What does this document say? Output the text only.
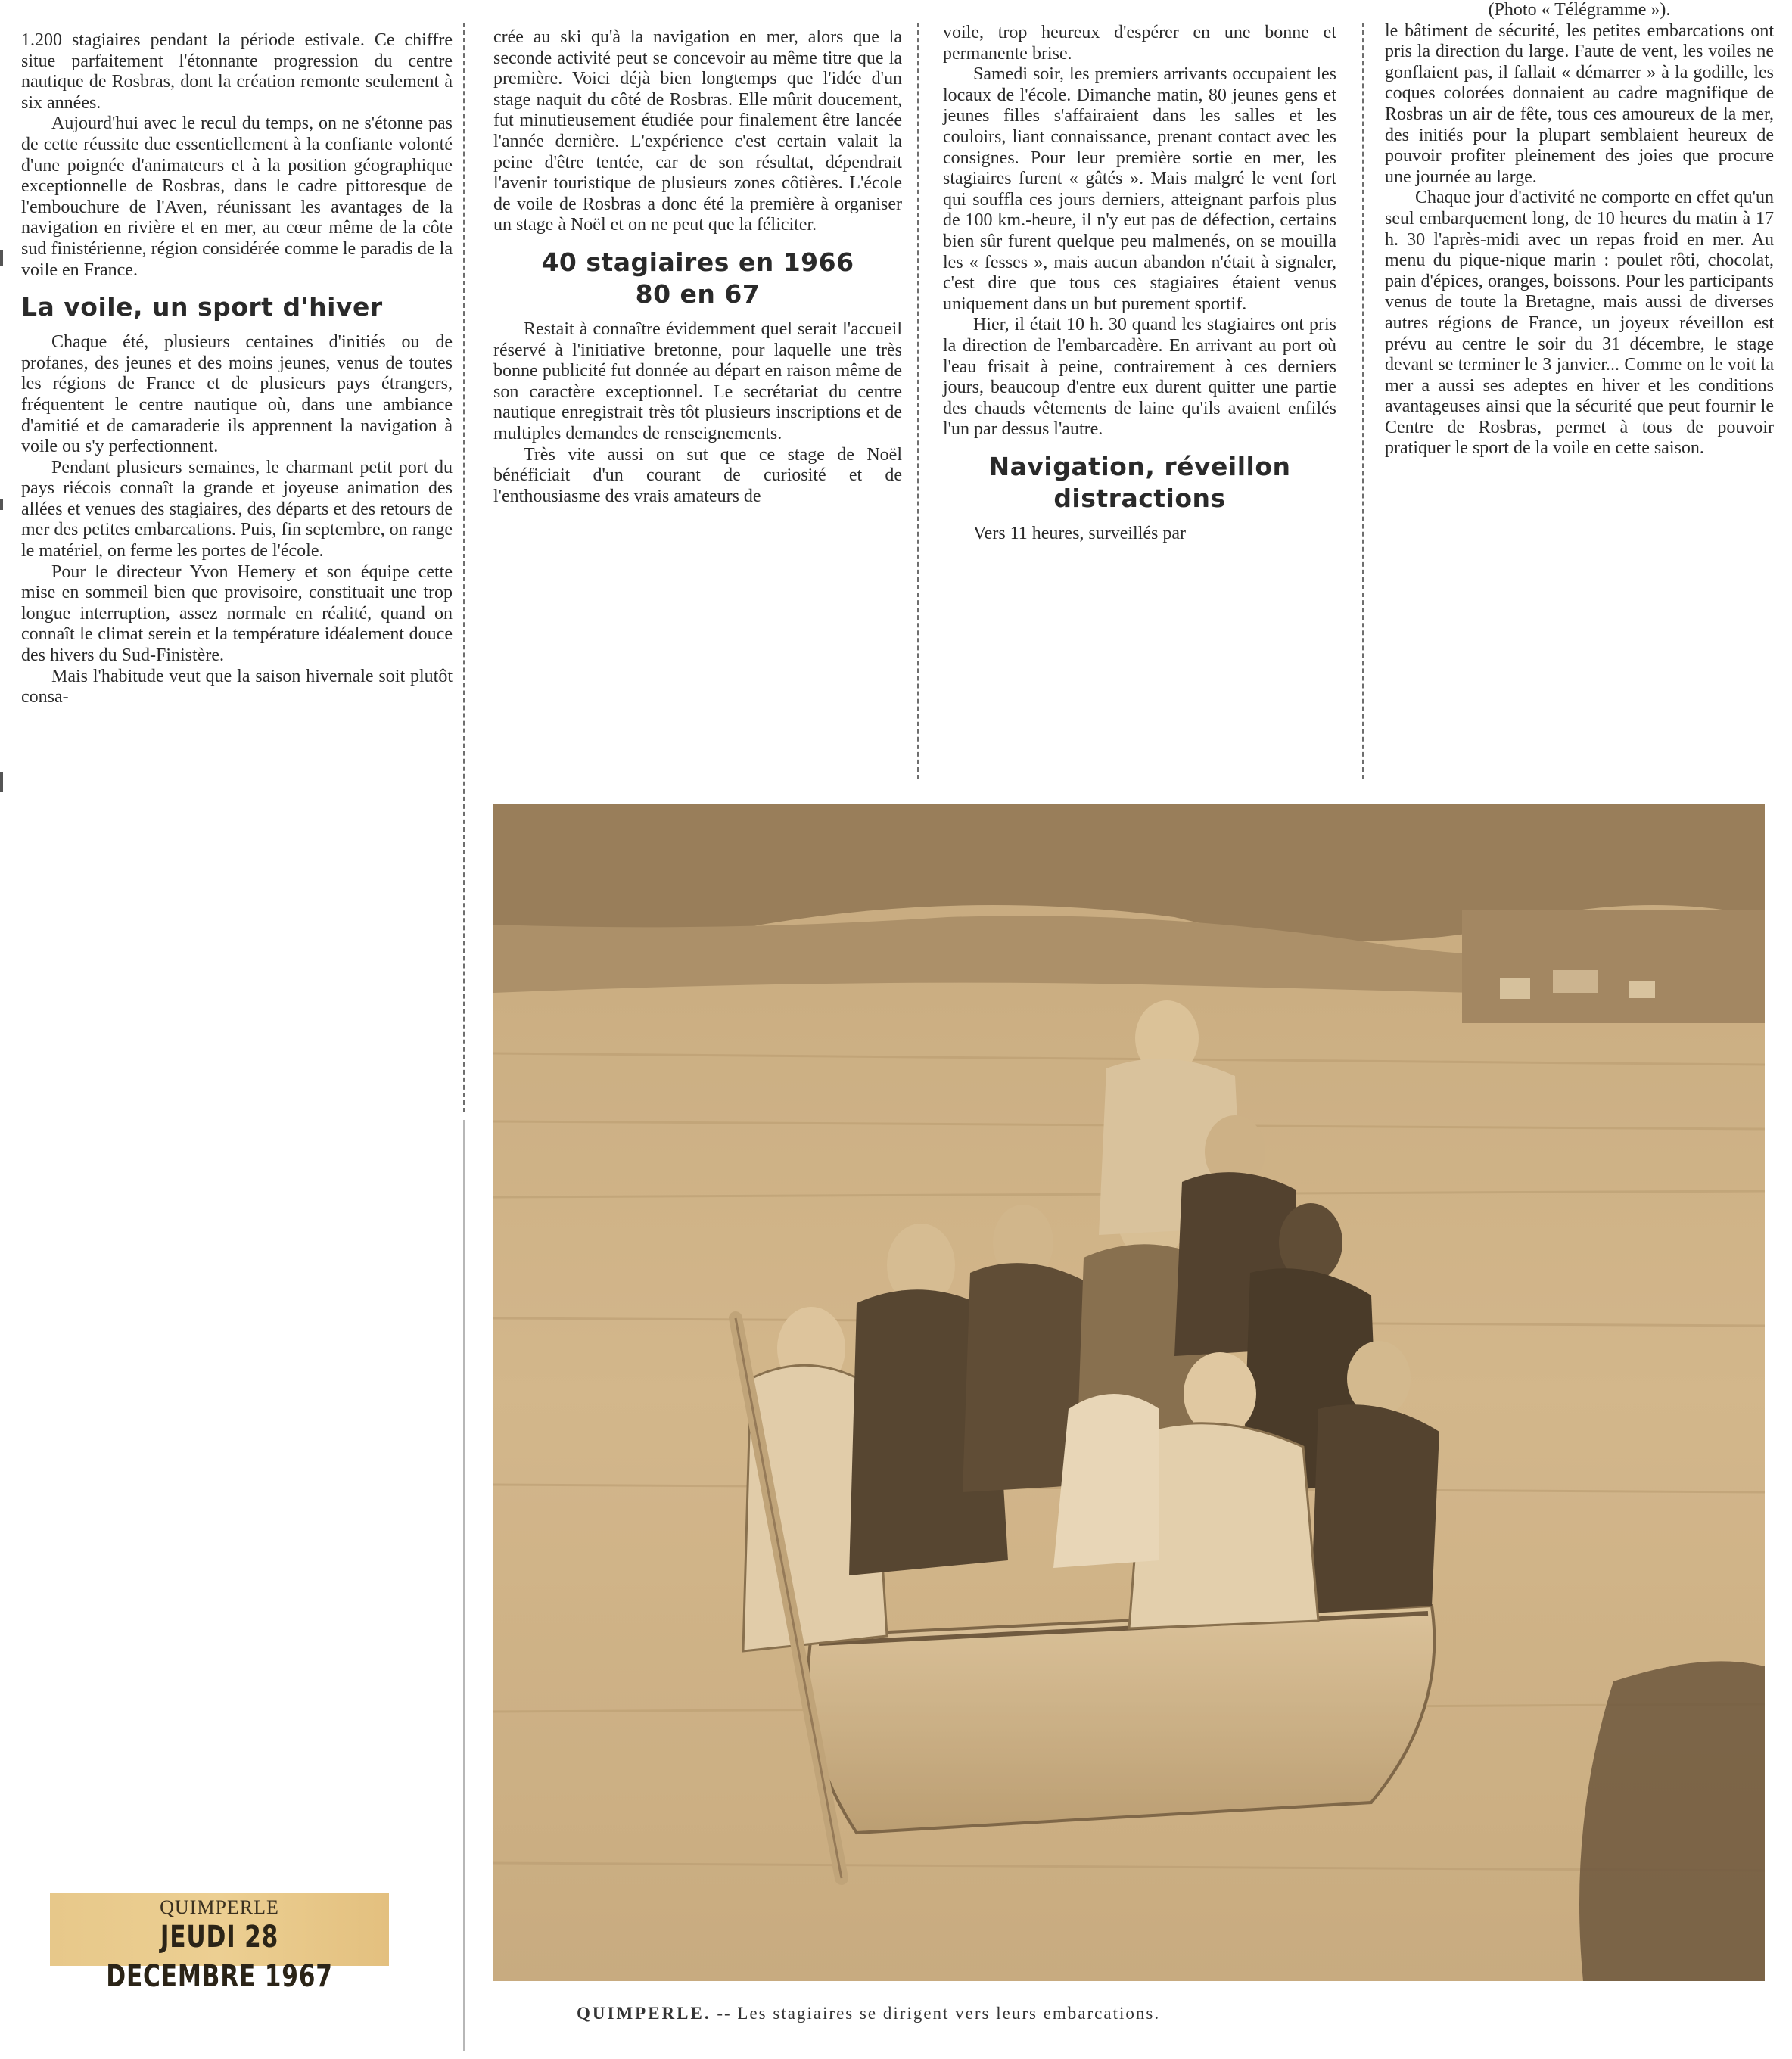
1.200 stagiaires pendant la période estivale. Ce chiffre situe parfaitement l'étonnante progression du centre nautique de Rosbras, dont la création remonte seulement à six années.

Aujourd'hui avec le recul du temps, on ne s'étonne pas de cette réussite due essentiellement à la confiante volonté d'une poignée d'animateurs et à la position géographique exceptionnelle de Rosbras, dans le cadre pittoresque de l'embouchure de l'Aven, réunissant les avantages de la navigation en rivière et en mer, au cœur même de la côte sud finistérienne, région considérée comme le paradis de la voile en France.

La voile, un sport d'hiver

Chaque été, plusieurs centaines d'initiés ou de profanes, des jeunes et des moins jeunes, venus de toutes les régions de France et de plusieurs pays étrangers, fréquentent le centre nautique où, dans une ambiance d'amitié et de camaraderie ils apprennent la navigation à voile ou s'y perfectionnent.

Pendant plusieurs semaines, le charmant petit port du pays riécois connaît la grande et joyeuse animation des allées et venues des stagiaires, des départs et des retours de mer des petites embarcations. Puis, fin septembre, on range le matériel, on ferme les portes de l'école.

Pour le directeur Yvon Hemery et son équipe cette mise en sommeil bien que provisoire, constituait une trop longue interruption, assez normale en réalité, quand on connaît le climat serein et la température idéalement douce des hivers du Sud-Finistère.

Mais l'habitude veut que la saison hivernale soit plutôt consa-

crée au ski qu'à la navigation en mer, alors que la seconde activité peut se concevoir au même titre que la première. Voici déjà bien longtemps que l'idée d'un stage naquit du côté de Rosbras. Elle mûrit doucement, fut minutieusement étudiée pour finalement être lancée l'année dernière. L'expérience c'est certain valait la peine d'être tentée, car de son résultat, dépendrait l'avenir touristique de plusieurs zones côtières. L'école de voile de Rosbras a donc été la première à organiser un stage à Noël et on ne peut que la féliciter.

40 stagiaires en 1966
80 en 67

Restait à connaître évidemment quel serait l'accueil réservé à l'initiative bretonne, pour laquelle une très bonne publicité fut donnée au départ en raison même de son caractère exceptionnel. Le secrétariat du centre nautique enregistrait très tôt plusieurs inscriptions et de multiples demandes de renseignements.

Très vite aussi on sut que ce stage de Noël bénéficiait d'un courant de curiosité et de l'enthousiasme des vrais amateurs de

voile, trop heureux d'espérer en une bonne et permanente brise.

Samedi soir, les premiers arrivants occupaient les locaux de l'école. Dimanche matin, 80 jeunes gens et jeunes filles s'affairaient dans les salles et les couloirs, liant connaissance, prenant contact avec les consignes. Pour leur première sortie en mer, les stagiaires furent « gâtés ». Mais malgré le vent fort qui souffla ces jours derniers, atteignant parfois plus de 100 km.-heure, il n'y eut pas de défection, certains bien sûr furent quelque peu malmenés, on se mouilla les « fesses », mais aucun abandon n'était à signaler, c'est dire que tous ces stagiaires étaient venus uniquement dans un but purement sportif.

Hier, il était 10 h. 30 quand les stagiaires ont pris la direction de l'embarcadère. En arrivant au port où l'eau frisait à peine, contrairement à ces derniers jours, beaucoup d'entre eux durent quitter une partie des chauds vêtements de laine qu'ils avaient enfilés l'un par dessus l'autre.

Navigation, réveillon
distractions

Vers 11 heures, surveillés par

(Photo « Télégramme »).

le bâtiment de sécurité, les petites embarcations ont pris la direction du large. Faute de vent, les voiles ne gonflaient pas, il fallait « démarrer » à la godille, les coques colorées donnaient au cadre magnifique de Rosbras un air de fête, tous ces amoureux de la mer, des initiés pour la plupart semblaient heureux de pouvoir profiter pleinement des joies que procure une journée au large.

Chaque jour d'activité ne comporte en effet qu'un seul embarquement long, de 10 heures du matin à 17 h. 30 l'après-midi avec un repas froid en mer. Au menu du pique-nique marin : poulet rôti, chocolat, pain d'épices, oranges, boissons. Pour les participants venus de toute la Bretagne, mais aussi de diverses autres régions de France, un joyeux réveillon est prévu au centre le soir du 31 décembre, le stage devant se terminer le 3 janvier... Comme on le voit la mer a aussi ses adeptes en hiver et les conditions avantageuses ainsi que la sécurité que peut fournir le Centre de Rosbras, permet à tous de pouvoir pratiquer le sport de la voile en cette saison.

QUIMPERLE. -- Les stagiaires se dirigent vers leurs embarcations.
QUIMPERLE
JEUDI 28 DECEMBRE 1967
